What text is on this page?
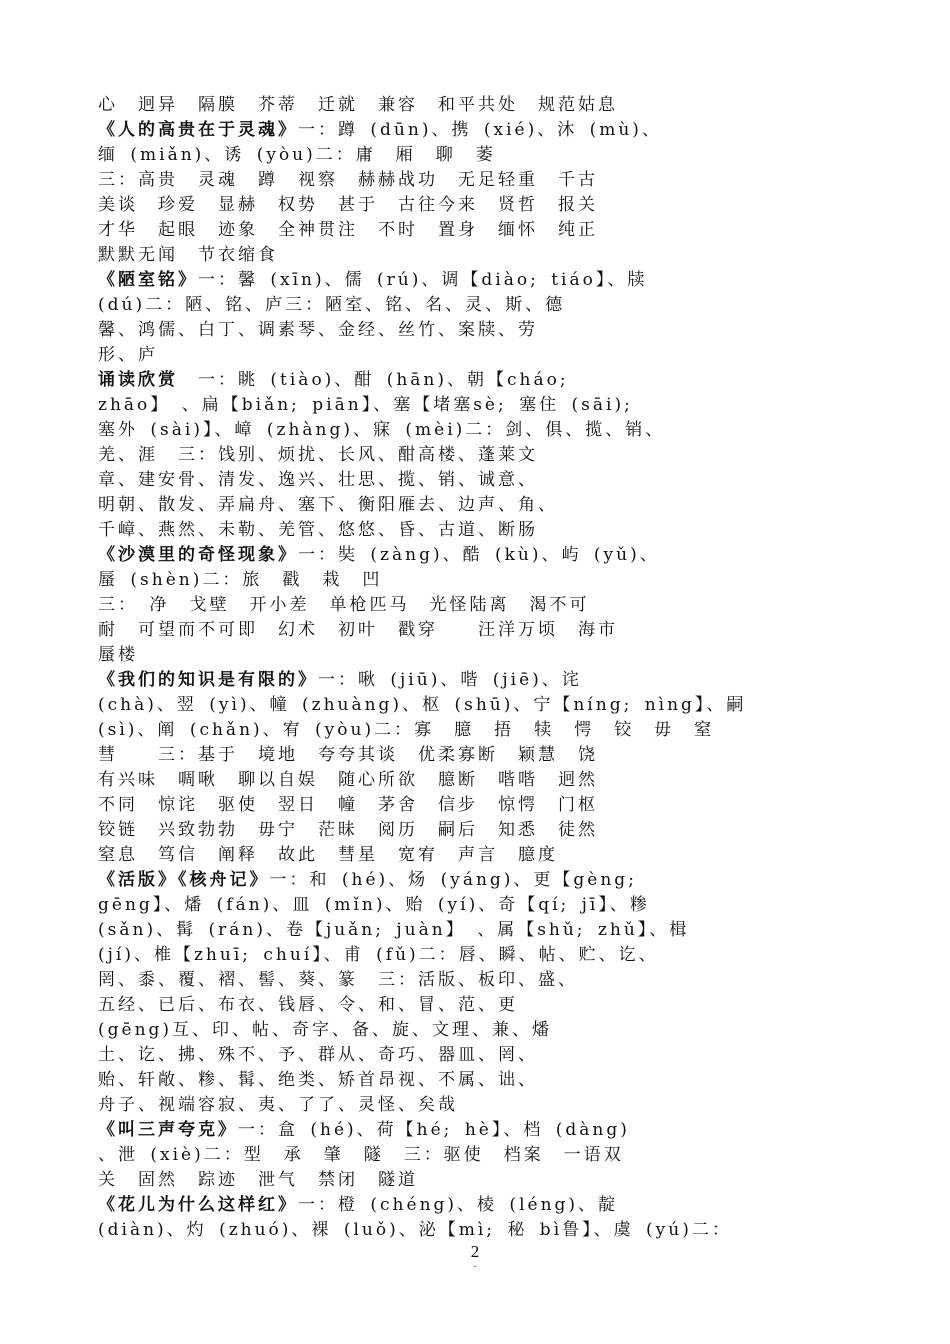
心　迥异　隔膜　芥蒂　迁就　兼容　和平共处　规范姑息
《人的高贵在于灵魂》一：蹲 (dūn)、携 (xié)、沐 (mù)、
缅 (miǎn)、诱 (yòu)二：庸　厢　聊　萎
三：高贵　灵魂　蹲　视察　赫赫战功　无足轻重　千古
美谈　珍爱　显赫　权势　甚于　古往今来　贤哲　报关
才华　起眼　迹象　全神贯注　不时　置身　缅怀　纯正
默默无闻　节衣缩食
《陋室铭》一：馨 (xīn)、儒 (rú)、调【diào; tiáo】、牍
(dú)二：陋、铭、庐三：陋室、铭、名、灵、斯、德
馨、鸿儒、白丁、调素琴、金经、丝竹、案牍、劳
形、庐
诵读欣赏　一：眺 (tiào)、酣 (hān)、朝【cháo;
zhāo】　、扁【biǎn; piān】、塞【堵塞sè; 塞住 (sāi);
塞外 (sài)】、嶂 (zhàng)、寐 (mèi)二：剑、俱、揽、销、
羌、涯　三：饯别、烦扰、长风、酣高楼、蓬莱文
章、建安骨、清发、逸兴、壮思、揽、销、诚意、
明朝、散发、弄扁舟、塞下、衡阳雁去、边声、角、
千嶂、燕然、未勒、羌管、悠悠、昏、古道、断肠
《沙漠里的奇怪现象》一：奘 (zàng)、酷 (kù)、屿 (yǔ)、
蜃 (shèn)二：旅　戳　栽　凹
三：　净　戈壁　开小差　单枪匹马　光怪陆离　渴不可
耐　可望而不可即　幻术　初叶　戳穿　　汪洋万顷　海市
蜃楼
《我们的知识是有限的》一：啾 (jiū)、喈 (jiē)、诧
(chà)、翌 (yì)、幢 (zhuàng)、枢 (shū)、宁【níng; nìng】、嗣
(sì)、阐 (chǎn)、宥 (yòu)二：寡　臆　捂　犊　愕　铰　毋　窒
彗　　三：基于　境地　夸夸其谈　优柔寡断　颖慧　饶
有兴味　啁啾　聊以自娱　随心所欲　臆断　喈喈　迥然
不同　惊诧　驱使　翌日　幢　茅舍　信步　惊愕　门枢
铰链　兴致勃勃　毋宁　茫昧　阅历　嗣后　知悉　徒然
窒息　笃信　阐释　故此　彗星　宽宥　声言　臆度
《活版》《核舟记》一：和 (hé)、炀 (yáng)、更【gèng;
gēng】、燔 (fán)、皿 (mǐn)、贻 (yí)、奇【qí; jī】、糁
(sǎn)、髯 (rán)、卷【juǎn; juàn】　、属【shǔ; zhǔ】、楫
(jí)、椎【zhuī; chuí】、甫 (fǔ)二：唇、瞬、帖、贮、讫、
罔、黍、覆、褶、髻、葵、篆　三：活版、板印、盛、
五经、已后、布衣、钱唇、令、和、冒、范、更
(gēng)互、印、帖、奇字、备、旋、文理、兼、燔
土、讫、拂、殊不、予、群从、奇巧、器皿、罔、
贻、轩敞、糁、髯、绝类、矫首昂视、不属、诎、
舟子、视端容寂、夷、了了、灵怪、矣哉
《叫三声夸克》一：盒 (hé)、荷【hé; hè】、档 (dàng)
、泄 (xiè)二：型　承　肇　隧　三：驱使　档案　一语双
关　固然　踪迹　泄气　禁闭　隧道
《花儿为什么这样红》一：橙 (chéng)、棱 (léng)、靛
(diàn)、灼 (zhuó)、裸 (luǒ)、泌【mì; 秘 bì鲁】、虞 (yú)二：
2
.
